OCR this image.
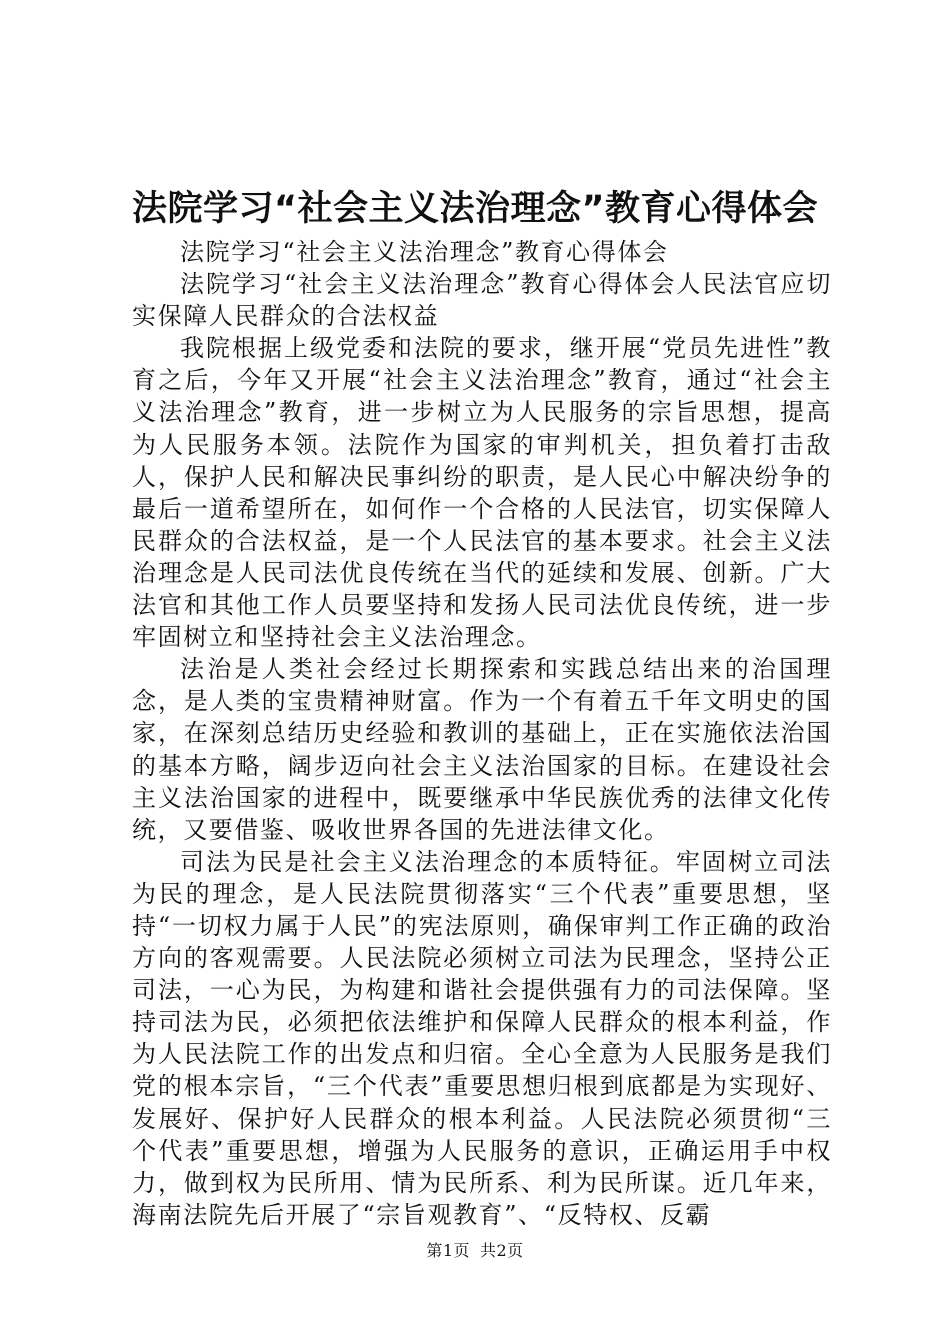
法院学习“社会主义法治理念”教育心得体会

法院学习“社会主义法治理念”教育心得体会

法院学习“社会主义法治理念”教育心得体会人民法官应切实保障人民群众的合法权益

我院根据上级党委和法院的要求，继开展“党员先进性”教育之后，今年又开展“社会主义法治理念”教育，通过“社会主义法治理念”教育，进一步树立为人民服务的宗旨思想，提高为人民服务本领。法院作为国家的审判机关，担负着打击敌人，保护人民和解决民事纠纷的职责，是人民心中解决纷争的最后一道希望所在，如何作一个合格的人民法官，切实保障人民群众的合法权益，是一个人民法官的基本要求。社会主义法治理念是人民司法优良传统在当代的延续和发展、创新。广大法官和其他工作人员要坚持和发扬人民司法优良传统，进一步牢固树立和坚持社会主义法治理念。

法治是人类社会经过长期探索和实践总结出来的治国理念，是人类的宝贵精神财富。作为一个有着五千年文明史的国家，在深刻总结历史经验和教训的基础上，正在实施依法治国的基本方略，阔步迈向社会主义法治国家的目标。在建设社会主义法治国家的进程中，既要继承中华民族优秀的法律文化传统，又要借鉴、吸收世界各国的先进法律文化。

司法为民是社会主义法治理念的本质特征。牢固树立司法为民的理念，是人民法院贯彻落实“三个代表”重要思想，坚持“一切权力属于人民”的宪法原则，确保审判工作正确的政治方向的客观需要。人民法院必须树立司法为民理念，坚持公正司法，一心为民，为构建和谐社会提供强有力的司法保障。坚持司法为民，必须把依法维护和保障人民群众的根本利益，作为人民法院工作的出发点和归宿。全心全意为人民服务是我们党的根本宗旨，“三个代表”重要思想归根到底都是为实现好、发展好、保护好人民群众的根本利益。人民法院必须贯彻“三个代表”重要思想，增强为人民服务的意识，正确运用手中权力，做到权为民所用、情为民所系、利为民所谋。近几年来，海南法院先后开展了“宗旨观教育”、“反特权、反霸

第1页 共2页
